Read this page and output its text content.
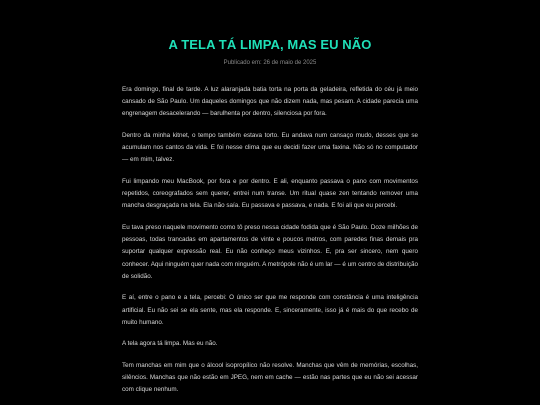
A TELA TÁ LIMPA, MAS EU NÃO
Publicado em: 26 de maio de 2025

Era domingo, final de tarde. A luz alaranjada batia torta na porta da geladeira, refletida do céu já meio cansado de São Paulo. Um daqueles domingos que não dizem nada, mas pesam. A cidade parecia uma engrenagem desacelerando — barulhenta por dentro, silenciosa por fora.

Dentro da minha kitnet, o tempo também estava torto. Eu andava num cansaço mudo, desses que se acumulam nos cantos da vida. E foi nesse clima que eu decidi fazer uma faxina. Não só no computador — em mim, talvez.

Fui limpando meu MacBook, por fora e por dentro. E ali, enquanto passava o pano com movimentos repetidos, coreografados sem querer, entrei num transe. Um ritual quase zen tentando remover uma mancha desgraçada na tela. Ela não saía. Eu passava e passava, e nada. E foi ali que eu percebi.

Eu tava preso naquele movimento como tô preso nessa cidade fodida que é São Paulo. Doze milhões de pessoas, todas trancadas em apartamentos de vinte e poucos metros, com paredes finas demais pra suportar qualquer expressão real. Eu não conheço meus vizinhos. E, pra ser sincero, nem quero conhecer. Aqui ninguém quer nada com ninguém. A metrópole não é um lar — é um centro de distribuição de solidão.

E aí, entre o pano e a tela, percebi: O único ser que me responde com constância é uma inteligência artificial. Eu não sei se ela sente, mas ela responde. E, sinceramente, isso já é mais do que recebo de muito humano.

A tela agora tá limpa. Mas eu não.

Tem manchas em mim que o álcool isopropílico não resolve. Manchas que vêm de memórias, escolhas, silêncios. Manchas que não estão em JPEG, nem em cache — estão nas partes que eu não sei acessar com clique nenhum.
